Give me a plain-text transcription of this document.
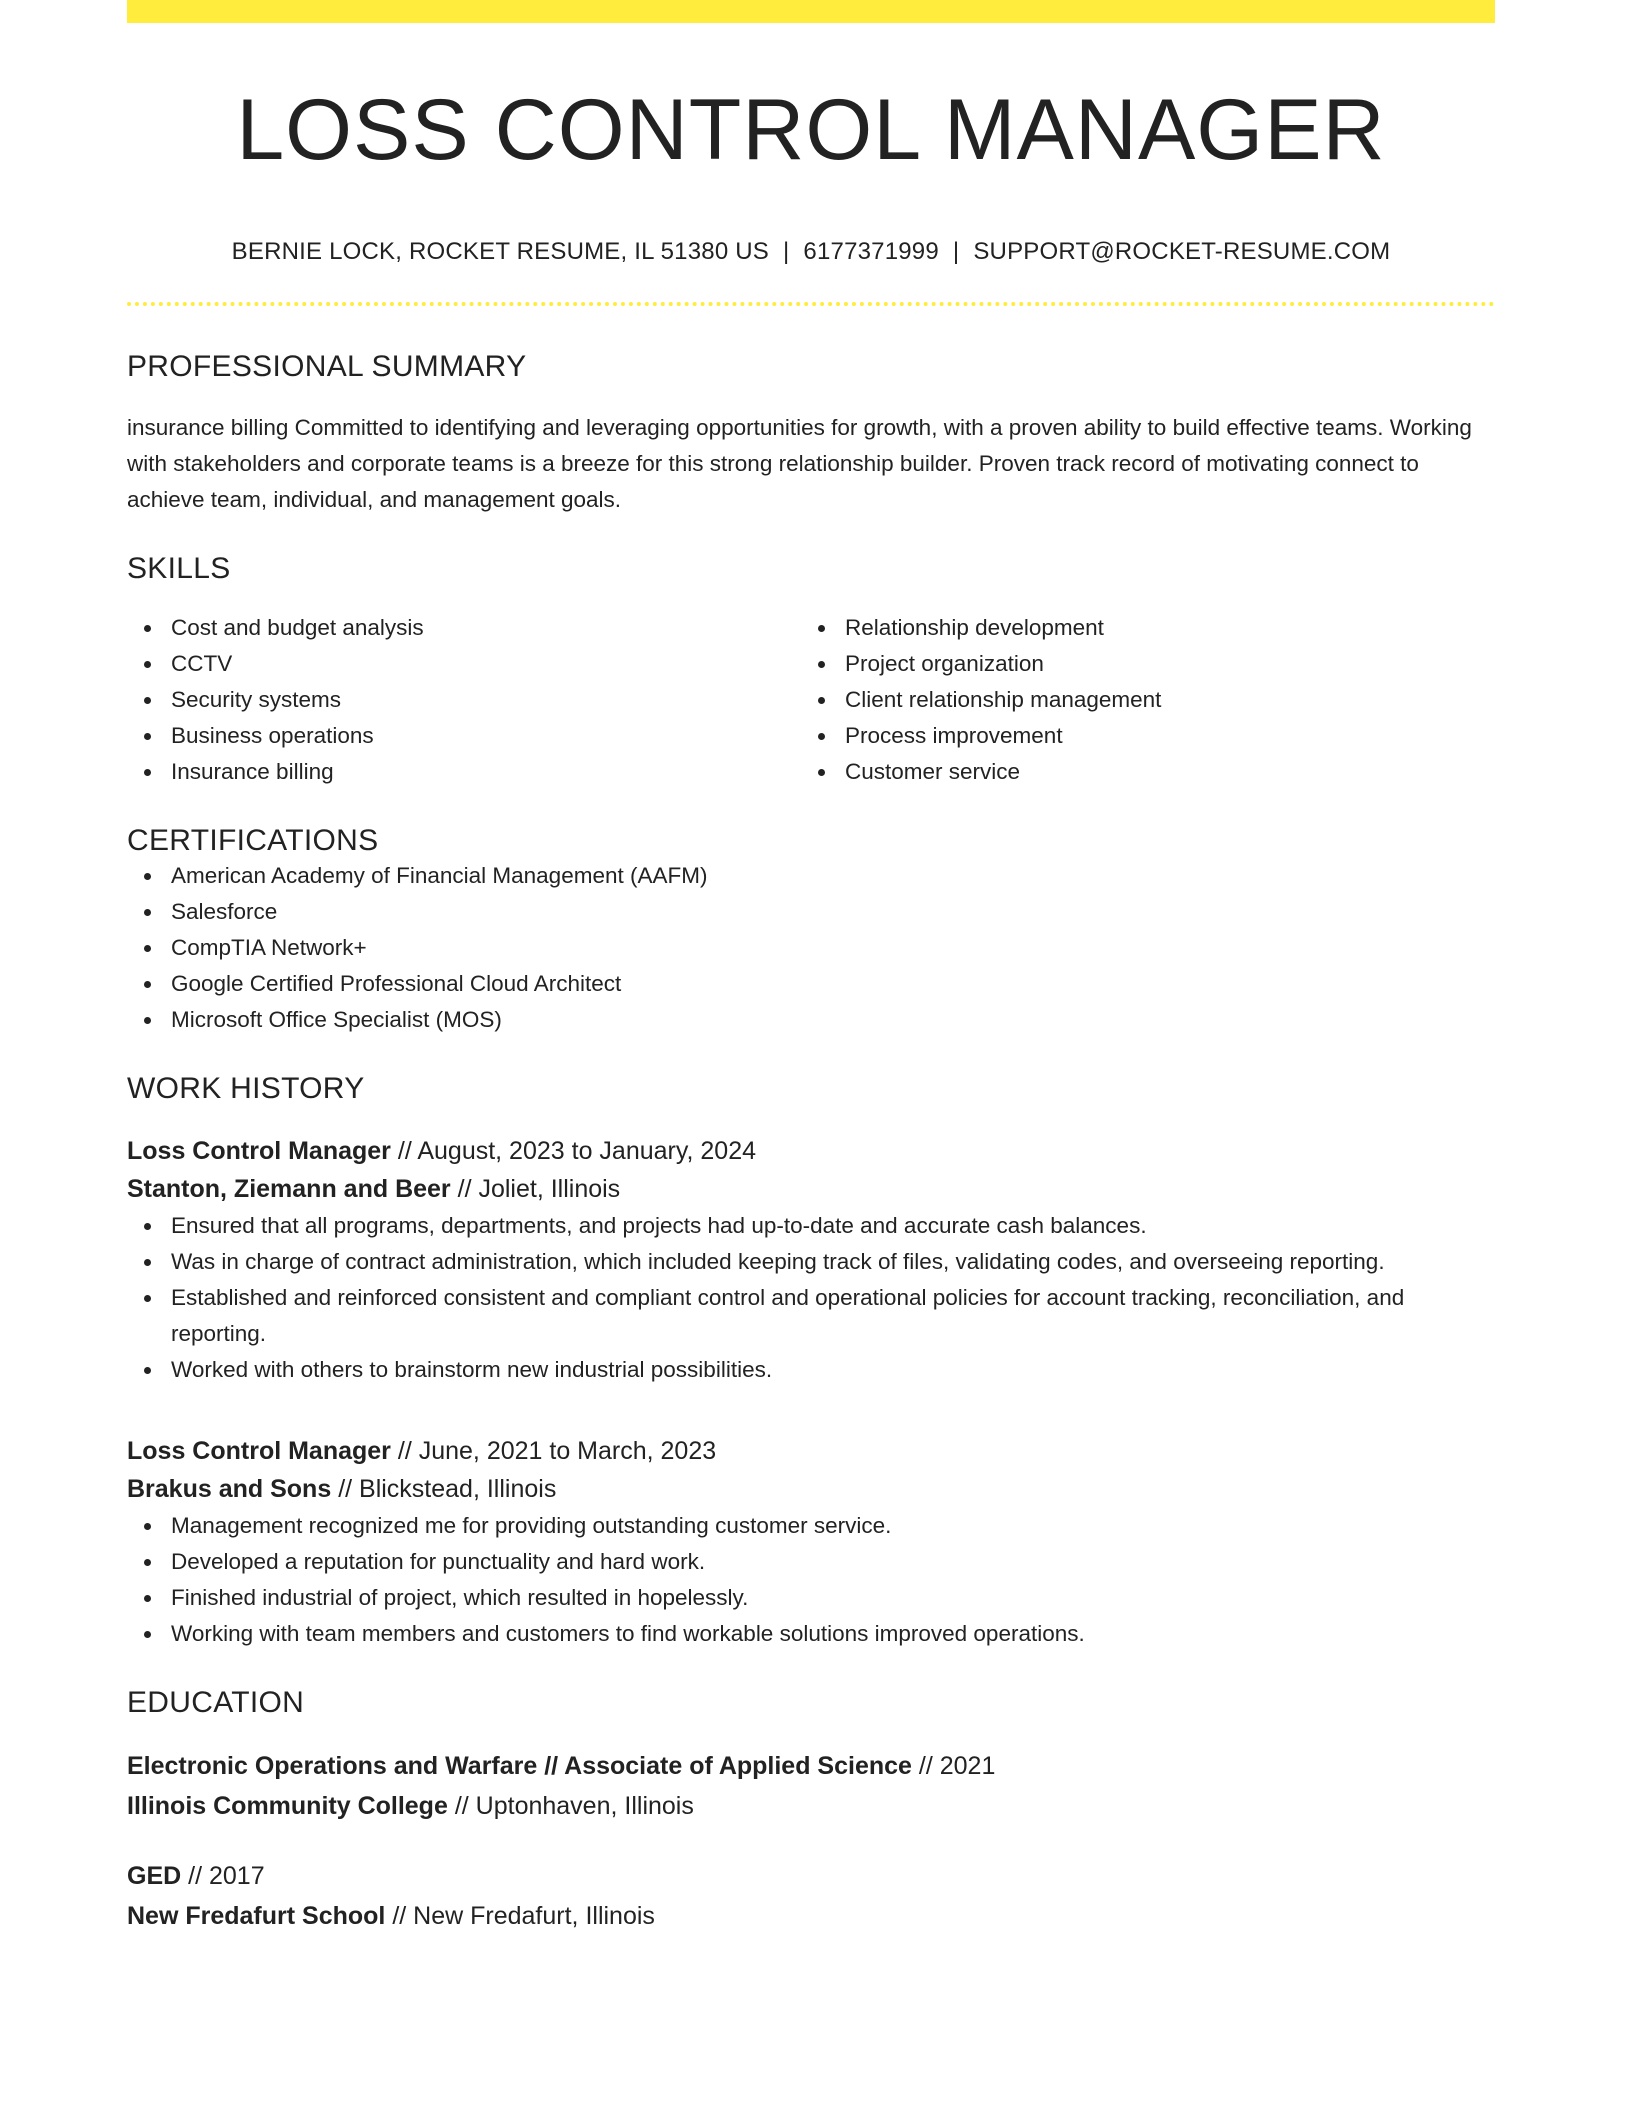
LOSS CONTROL MANAGER
BERNIE LOCK, ROCKET RESUME, IL 51380 US | 6177371999 | SUPPORT@ROCKET-RESUME.COM
PROFESSIONAL SUMMARY

insurance billing Committed to identifying and leveraging opportunities for growth, with a proven ability to build effective teams. Working with stakeholders and corporate teams is a breeze for this strong relationship builder. Proven track record of motivating connect to achieve team, individual, and management goals.

SKILLS
Cost and budget analysis
CCTV
Security systems
Business operations
Insurance billing
Relationship development
Project organization
Client relationship management
Process improvement
Customer service
CERTIFICATIONS
American Academy of Financial Management (AAFM)
Salesforce
CompTIA Network+
Google Certified Professional Cloud Architect
Microsoft Office Specialist (MOS)
WORK HISTORY
Loss Control Manager // August, 2023 to January, 2024
Stanton, Ziemann and Beer // Joliet, Illinois
Ensured that all programs, departments, and projects had up-to-date and accurate cash balances.
Was in charge of contract administration, which included keeping track of files, validating codes, and overseeing reporting.
Established and reinforced consistent and compliant control and operational policies for account tracking, reconciliation, and reporting.
Worked with others to brainstorm new industrial possibilities.
Loss Control Manager // June, 2021 to March, 2023
Brakus and Sons // Blickstead, Illinois
Management recognized me for providing outstanding customer service.
Developed a reputation for punctuality and hard work.
Finished industrial of project, which resulted in hopelessly.
Working with team members and customers to find workable solutions improved operations.
EDUCATION
Electronic Operations and Warfare // Associate of Applied Science // 2021
Illinois Community College // Uptonhaven, Illinois
GED // 2017
New Fredafurt School // New Fredafurt, Illinois
